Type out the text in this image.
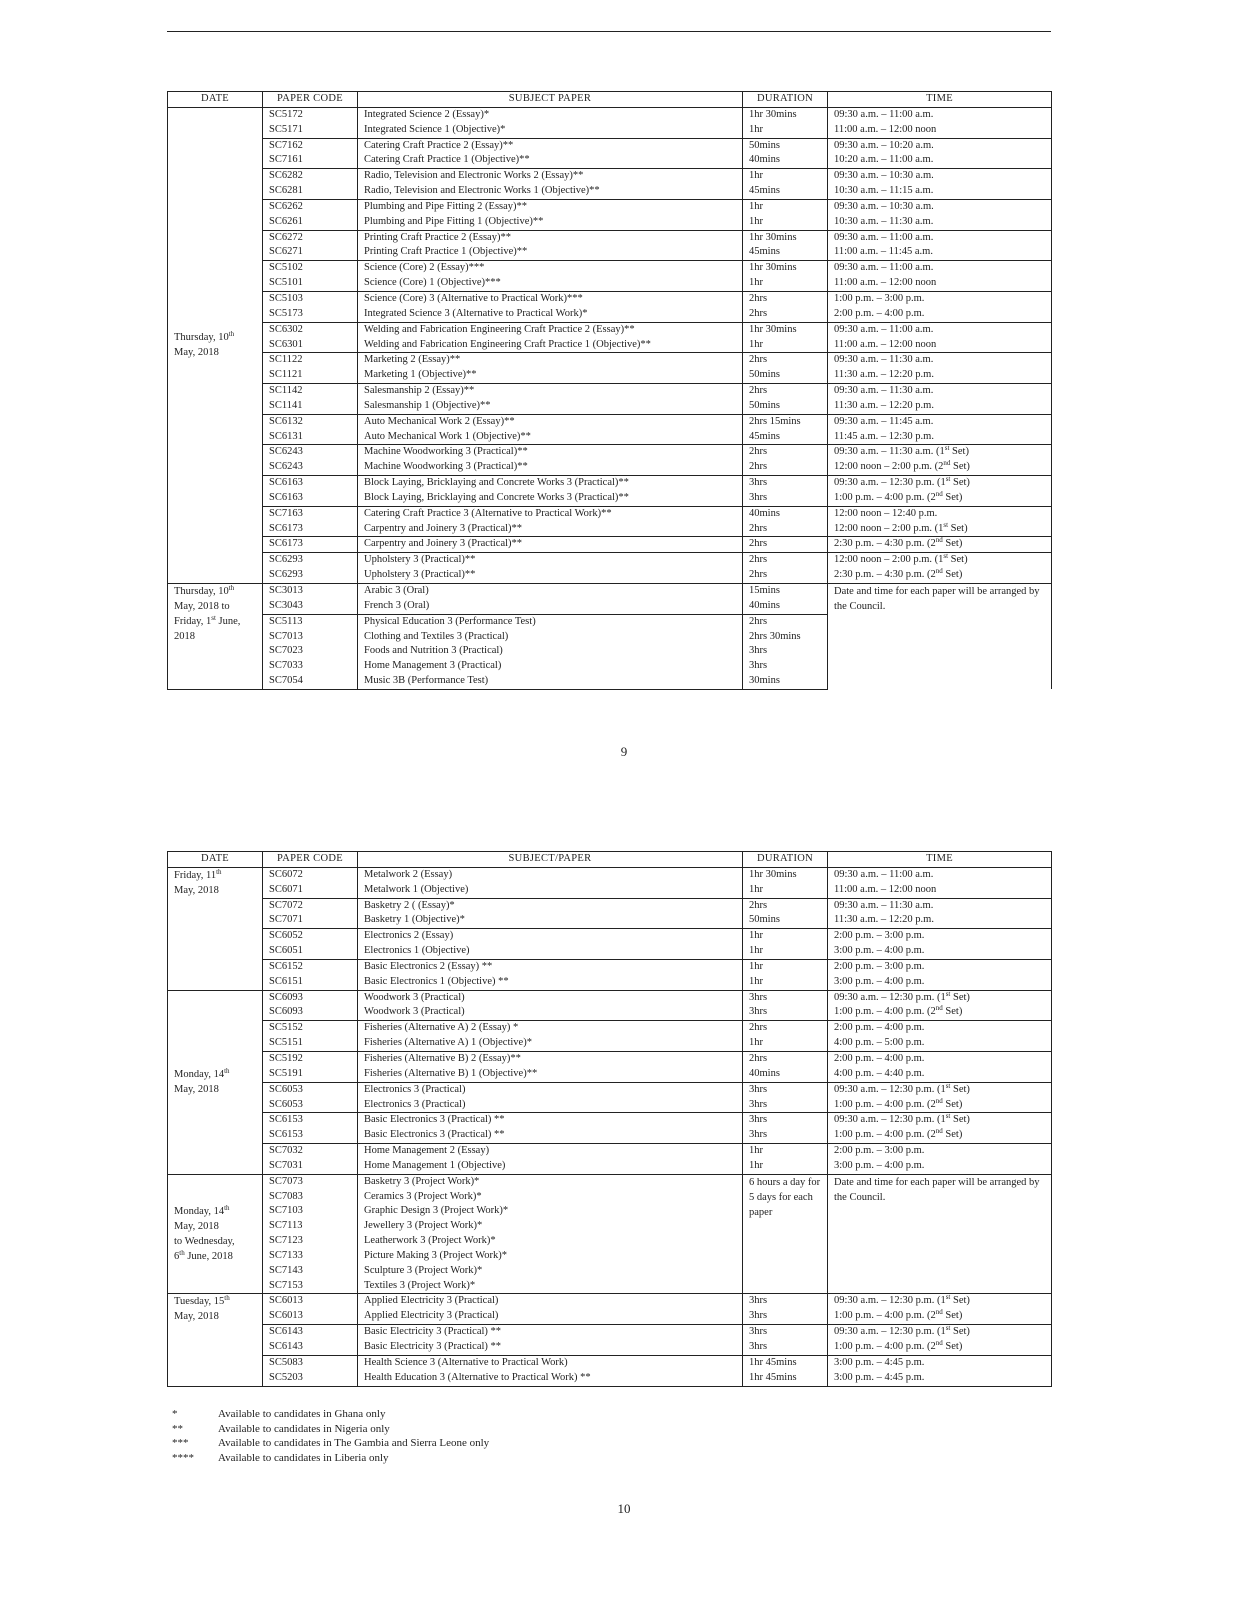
DATE	PAPER CODE	SUBJECT PAPER	DURATION	TIME

Thursday, 10th
May, 2018	SC5172	Integrated Science 2 (Essay)*	1hr 30mins	09:30 a.m. – 11:00 a.m.
	SC5171	Integrated Science 1 (Objective)*	1hr	11:00 a.m. – 12:00 noon
	SC7162	Catering Craft Practice 2 (Essay)**	50mins	09:30 a.m. – 10:20 a.m.
	SC7161	Catering Craft Practice 1 (Objective)**	40mins	10:20 a.m. – 11:00 a.m.
	SC6282	Radio, Television and Electronic Works 2 (Essay)**	1hr	09:30 a.m. – 10:30 a.m.
	SC6281	Radio, Television and Electronic Works 1 (Objective)**	45mins	10:30 a.m. – 11:15 a.m.
	SC6262	Plumbing and Pipe Fitting 2 (Essay)**	1hr	09:30 a.m. – 10:30 a.m.
	SC6261	Plumbing and Pipe Fitting 1 (Objective)**	1hr	10:30 a.m. – 11:30 a.m.
	SC6272	Printing Craft Practice 2 (Essay)**	1hr 30mins	09:30 a.m. – 11:00 a.m.
	SC6271	Printing Craft Practice 1 (Objective)**	45mins	11:00 a.m. – 11:45 a.m.
	SC5102	Science (Core) 2 (Essay)***	1hr 30mins	09:30 a.m. – 11:00 a.m.
	SC5101	Science (Core) 1 (Objective)***	1hr	11:00 a.m. – 12:00 noon
	SC5103	Science (Core) 3 (Alternative to Practical Work)***	2hrs	1:00 p.m. – 3:00 p.m.
	SC5173	Integrated Science 3 (Alternative to Practical Work)*	2hrs	2:00 p.m. – 4:00 p.m.
	SC6302	Welding and Fabrication Engineering Craft Practice 2 (Essay)**	1hr 30mins	09:30 a.m. – 11:00 a.m.
	SC6301	Welding and Fabrication Engineering Craft Practice 1 (Objective)**	1hr	11:00 a.m. – 12:00 noon
	SC1122	Marketing 2 (Essay)**	2hrs	09:30 a.m. – 11:30 a.m.
	SC1121	Marketing 1 (Objective)**	50mins	11:30 a.m. – 12:20 p.m.
	SC1142	Salesmanship 2 (Essay)**	2hrs	09:30 a.m. – 11:30 a.m.
	SC1141	Salesmanship 1 (Objective)**	50mins	11:30 a.m. – 12:20 p.m.
	SC6132	Auto Mechanical Work 2 (Essay)**	2hrs 15mins	09:30 a.m. – 11:45 a.m.
	SC6131	Auto Mechanical Work 1 (Objective)**	45mins	11:45 a.m. – 12:30 p.m.
	SC6243	Machine Woodworking 3 (Practical)**	2hrs	09:30 a.m. – 11:30 a.m. (1st Set)
	SC6243	Machine Woodworking 3 (Practical)**	2hrs	12:00 noon – 2:00 p.m. (2nd Set)
	SC6163	Block Laying, Bricklaying and Concrete Works 3 (Practical)**	3hrs	09:30 a.m. – 12:30 p.m. (1st Set)
	SC6163	Block Laying, Bricklaying and Concrete Works 3 (Practical)**	3hrs	1:00 p.m. – 4:00 p.m. (2nd Set)
	SC7163	Catering Craft Practice 3 (Alternative to Practical Work)**	40mins	12:00 noon – 12:40 p.m.
	SC6173	Carpentry and Joinery 3 (Practical)**	2hrs	12:00 noon – 2:00 p.m. (1st Set)
	SC6173	Carpentry and Joinery 3 (Practical)**	2hrs	2:30 p.m. – 4:30 p.m. (2nd Set)
	SC6293	Upholstery 3 (Practical)**	2hrs	12:00 noon – 2:00 p.m. (1st Set)
	SC6293	Upholstery 3 (Practical)**	2hrs	2:30 p.m. – 4:30 p.m. (2nd Set)

Thursday, 10th
May, 2018 to
Friday, 1st June,
2018	SC3013	Arabic 3 (Oral)	15mins	Date and time for each paper will be arranged by the Council.
	SC3043	French 3 (Oral)	40mins	
	SC5113	Physical Education 3 (Performance Test)	2hrs	
	SC7013	Clothing and Textiles 3 (Practical)	2hrs 30mins	
	SC7023	Foods and Nutrition 3 (Practical)	3hrs	
	SC7033	Home Management 3 (Practical)	3hrs	
	SC7054	Music 3B (Performance Test)	30mins	
9
DATE	PAPER CODE	SUBJECT/PAPER	DURATION	TIME

Friday, 11th
May, 2018	SC6072	Metalwork 2 (Essay)	1hr 30mins	09:30 a.m. – 11:00 a.m.
	SC6071	Metalwork 1 (Objective)	1hr	11:00 a.m. – 12:00 noon
	SC7072	Basketry 2 ( (Essay)*	2hrs	09:30 a.m. – 11:30 a.m.
	SC7071	Basketry 1 (Objective)*	50mins	11:30 a.m. – 12:20 p.m.
	SC6052	Electronics 2 (Essay)	1hr	2:00 p.m. – 3:00 p.m.
	SC6051	Electronics 1 (Objective)	1hr	3:00 p.m. – 4:00 p.m.
	SC6152	Basic Electronics 2 (Essay) **	1hr	2:00 p.m. – 3:00 p.m.
	SC6151	Basic Electronics 1 (Objective) **	1hr	3:00 p.m. – 4:00 p.m.

Monday, 14th
May, 2018	SC6093	Woodwork 3 (Practical)	3hrs	09:30 a.m. – 12:30 p.m. (1st Set)
	SC6093	Woodwork 3 (Practical)	3hrs	1:00 p.m. – 4:00 p.m. (2nd Set)
	SC5152	Fisheries (Alternative A) 2 (Essay) *	2hrs	2:00 p.m. – 4:00 p.m.
	SC5151	Fisheries (Alternative A) 1 (Objective)*	1hr	4:00 p.m. – 5:00 p.m.
	SC5192	Fisheries (Alternative B) 2 (Essay)**	2hrs	2:00 p.m. – 4:00 p.m.
	SC5191	Fisheries (Alternative B) 1 (Objective)**	40mins	4:00 p.m. – 4:40 p.m.
	SC6053	Electronics 3 (Practical)	3hrs	09:30 a.m. – 12:30 p.m. (1st Set)
	SC6053	Electronics 3 (Practical)	3hrs	1:00 p.m. – 4:00 p.m. (2nd Set)
	SC6153	Basic Electronics 3 (Practical) **	3hrs	09:30 a.m. – 12:30 p.m. (1st Set)
	SC6153	Basic Electronics 3 (Practical) **	3hrs	1:00 p.m. – 4:00 p.m. (2nd Set)
	SC7032	Home Management 2 (Essay)	1hr	2:00 p.m. – 3:00 p.m.
	SC7031	Home Management 1 (Objective)	1hr	3:00 p.m. – 4:00 p.m.

Monday, 14th
May, 2018
to Wednesday,
6th June, 2018	SC7073	Basketry 3 (Project Work)*	6 hours a day for 5 days for each paper	Date and time for each paper will be arranged by the Council.
	SC7083	Ceramics 3 (Project Work)*		
	SC7103	Graphic Design 3 (Project Work)*		
	SC7113	Jewellery 3 (Project Work)*		
	SC7123	Leatherwork 3 (Project Work)*		
	SC7133	Picture Making 3 (Project Work)*		
	SC7143	Sculpture 3 (Project Work)*		
	SC7153	Textiles 3 (Project Work)*		

Tuesday, 15th
May, 2018	SC6013	Applied Electricity 3 (Practical)	3hrs	09:30 a.m. – 12:30 p.m. (1st Set)
	SC6013	Applied Electricity 3 (Practical)	3hrs	1:00 p.m. – 4:00 p.m. (2nd Set)
	SC6143	Basic Electricity 3 (Practical) **	3hrs	09:30 a.m. – 12:30 p.m. (1st Set)
	SC6143	Basic Electricity 3 (Practical) **	3hrs	1:00 p.m. – 4:00 p.m. (2nd Set)
	SC5083	Health Science 3 (Alternative to Practical Work)	1hr 45mins	3:00 p.m. – 4:45 p.m.
	SC5203	Health Education 3 (Alternative to Practical Work) **	1hr 45mins	3:00 p.m. – 4:45 p.m.
*	Available to candidates in Ghana only
**	Available to candidates in Nigeria only
***	Available to candidates in The Gambia and Sierra Leone only
**** Available to candidates in Liberia only
10
